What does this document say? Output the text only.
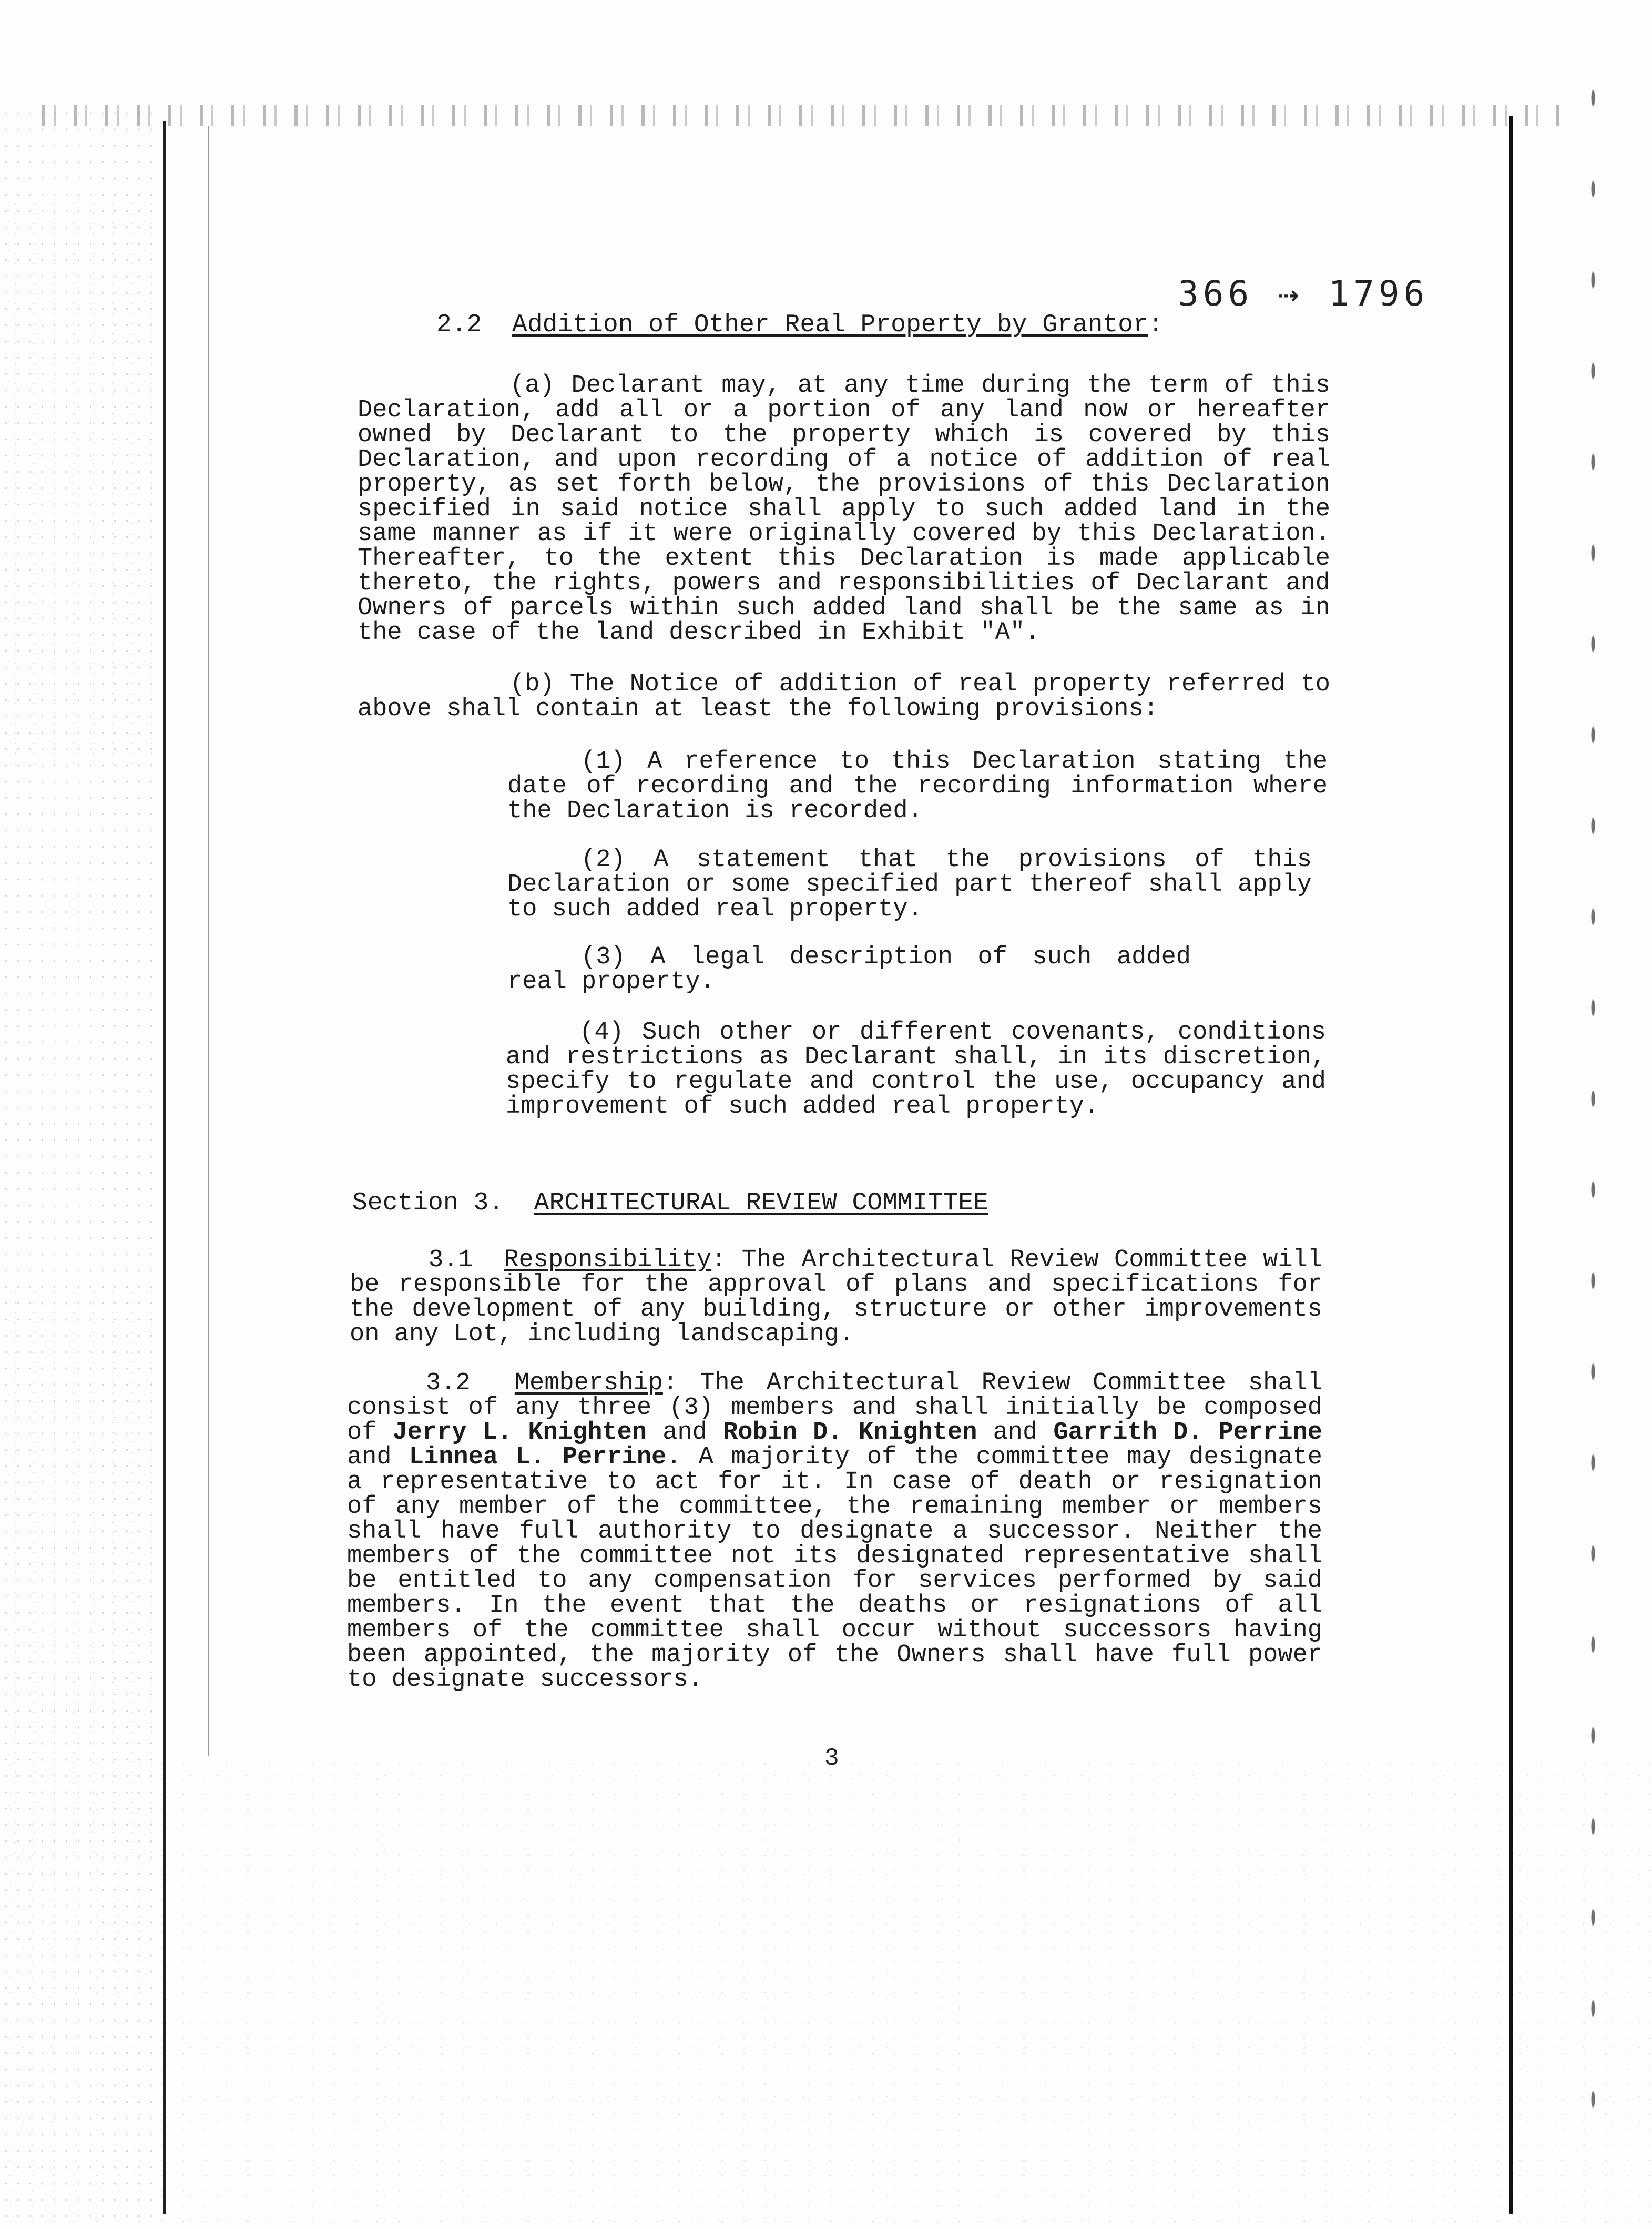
366 ⇢ 1796
2.2 Addition of Other Real Property by Grantor:
(a) Declarant may, at any time during the term of this Declaration, add all or a portion of any land now or hereafter owned by Declarant to the property which is covered by this Declaration, and upon recording of a notice of addition of real property, as set forth below, the provisions of this Declaration specified in said notice shall apply to such added land in the same manner as if it were originally covered by this Declaration. Thereafter, to the extent this Declaration is made applicable thereto, the rights, powers and responsibilities of Declarant and Owners of parcels within such added land shall be the same as in the case of the land described in Exhibit "A".
(b) The Notice of addition of real property referred to above shall contain at least the following provisions:
(1) A reference to this Declaration stating the date of recording and the recording information where the Declaration is recorded.
(2) A statement that the provisions of this Declaration or some specified part thereof shall apply to such added real property.
(3) A legal description of such added real property.
(4) Such other or different covenants, conditions and restrictions as Declarant shall, in its discretion, specify to regulate and control the use, occupancy and improvement of such added real property.
Section 3. ARCHITECTURAL REVIEW COMMITTEE
3.1 Responsibility: The Architectural Review Committee will be responsible for the approval of plans and specifications for the development of any building, structure or other improvements on any Lot, including landscaping.
3.2 Membership: The Architectural Review Committee shall consist of any three (3) members and shall initially be composed of Jerry L. Knighten and Robin D. Knighten and Garrith D. Perrine and Linnea L. Perrine. A majority of the committee may designate a representative to act for it. In case of death or resignation of any member of the committee, the remaining member or members shall have full authority to designate a successor. Neither the members of the committee not its designated representative shall be entitled to any compensation for services performed by said members. In the event that the deaths or resignations of all members of the committee shall occur without successors having been appointed, the majority of the Owners shall have full power to designate successors.
3
